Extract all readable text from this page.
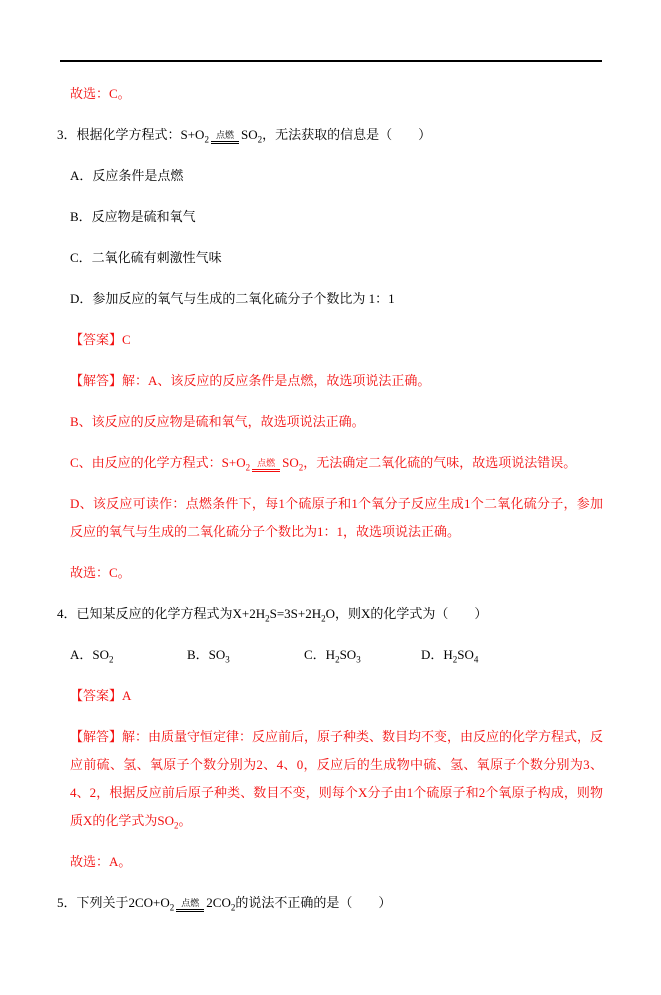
故选：C。

3．根据化学方程式：$S+O_2$ 点燃 $SO_2$，无法获取的信息是（　　）

A．反应条件是点燃

B．反应物是硫和氧气

C．二氧化硫有刺激性气味

D．参加反应的氧气与生成的二氧化硫分子个数比为 1：1

【答案】C

【解答】解：A、该反应的反应条件是点燃，故选项说法正确。

B、该反应的反应物是硫和氧气，故选项说法正确。

C、由反应的化学方程式：$S+O_2$ 点燃 $SO_2$，无法确定二氧化硫的气味，故选项说法错误。

D、该反应可读作：点燃条件下，每1个硫原子和1个氧分子反应生成1个二氧化硫分子，参加反应的氧气与生成的二氧化硫分子个数比为1：1，故选项说法正确。

故选：C。

4．已知某反应的化学方程式为$X+2H_2S=3S+2H_2O$，则X的化学式为（　　）

A．$SO_2$	B．$SO_3$	C．$H_2SO_3$	D．$H_2SO_4$

【答案】A

【解答】解：由质量守恒定律：反应前后，原子种类、数目均不变，由反应的化学方程式，反应前硫、氢、氧原子个数分别为2、4、0，反应后的生成物中硫、氢、氧原子个数分别为3、4、2，根据反应前后原子种类、数目不变，则每个X分子由1个硫原子和2个氧原子构成，则物质X的化学式为$SO_2$。

故选：A。

5．下列关于$2CO+O_2$ 点燃 $2CO_2$的说法不正确的是（　　）
